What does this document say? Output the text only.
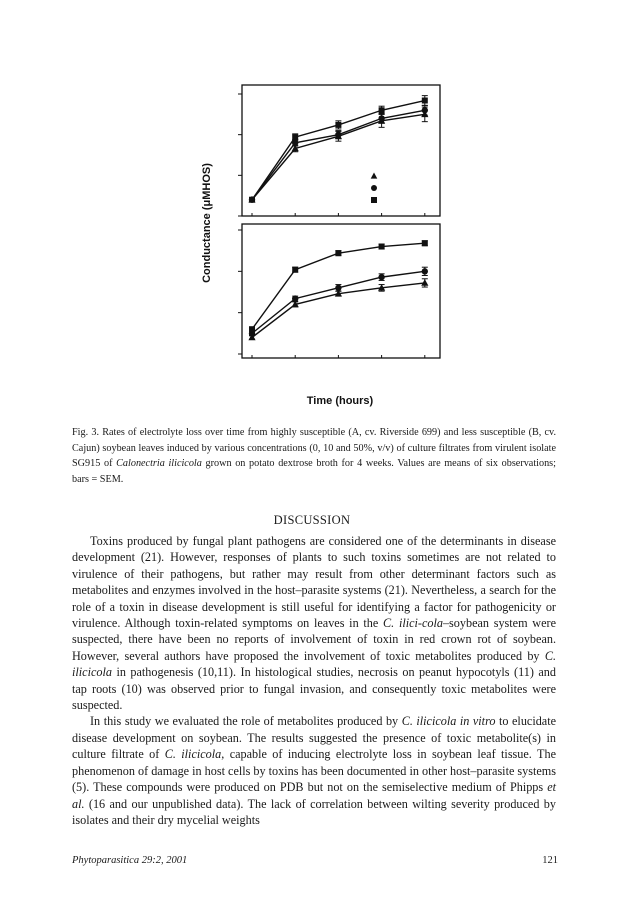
Conductance (μMHOS)
Time (hours)
Fig. 3. Rates of electrolyte loss over time from highly susceptible (A, cv. Riverside 699) and less susceptible (B, cv. Cajun) soybean leaves induced by various concentrations (0, 10 and 50%, v/v) of culture filtrates from virulent isolate SG915 of Calonectria ilicicola grown on potato dextrose broth for 4 weeks. Values are means of six observations; bars = SEM.
DISCUSSION

Toxins produced by fungal plant pathogens are considered one of the determinants in disease development (21). However, responses of plants to such toxins sometimes are not related to virulence of their pathogens, but rather may result from other determinant factors such as metabolites and enzymes involved in the host–parasite systems (21). Nevertheless, a search for the role of a toxin in disease development is still useful for identifying a factor for pathogenicity or virulence. Although toxin-related symptoms on leaves in the C. ilici-cola–soybean system were suspected, there have been no reports of involvement of toxin in red crown rot of soybean. However, several authors have proposed the involvement of toxic metabolites produced by C. ilicicola in pathogenesis (10,11). In histological studies, necrosis on peanut hypocotyls (11) and tap roots (10) was observed prior to fungal invasion, and consequently toxic metabolites were suspected.

In this study we evaluated the role of metabolites produced by C. ilicicola in vitro to elucidate disease development on soybean. The results suggested the presence of toxic metabolite(s) in culture filtrate of C. ilicicola, capable of inducing electrolyte loss in soybean leaf tissue. The phenomenon of damage in host cells by toxins has been documented in other host–parasite systems (5). These compounds were produced on PDB but not on the semiselective medium of Phipps et al. (16 and our unpublished data). The lack of correlation between wilting severity produced by isolates and their dry mycelial weights

Phytoparasitica 29:2, 2001	121
